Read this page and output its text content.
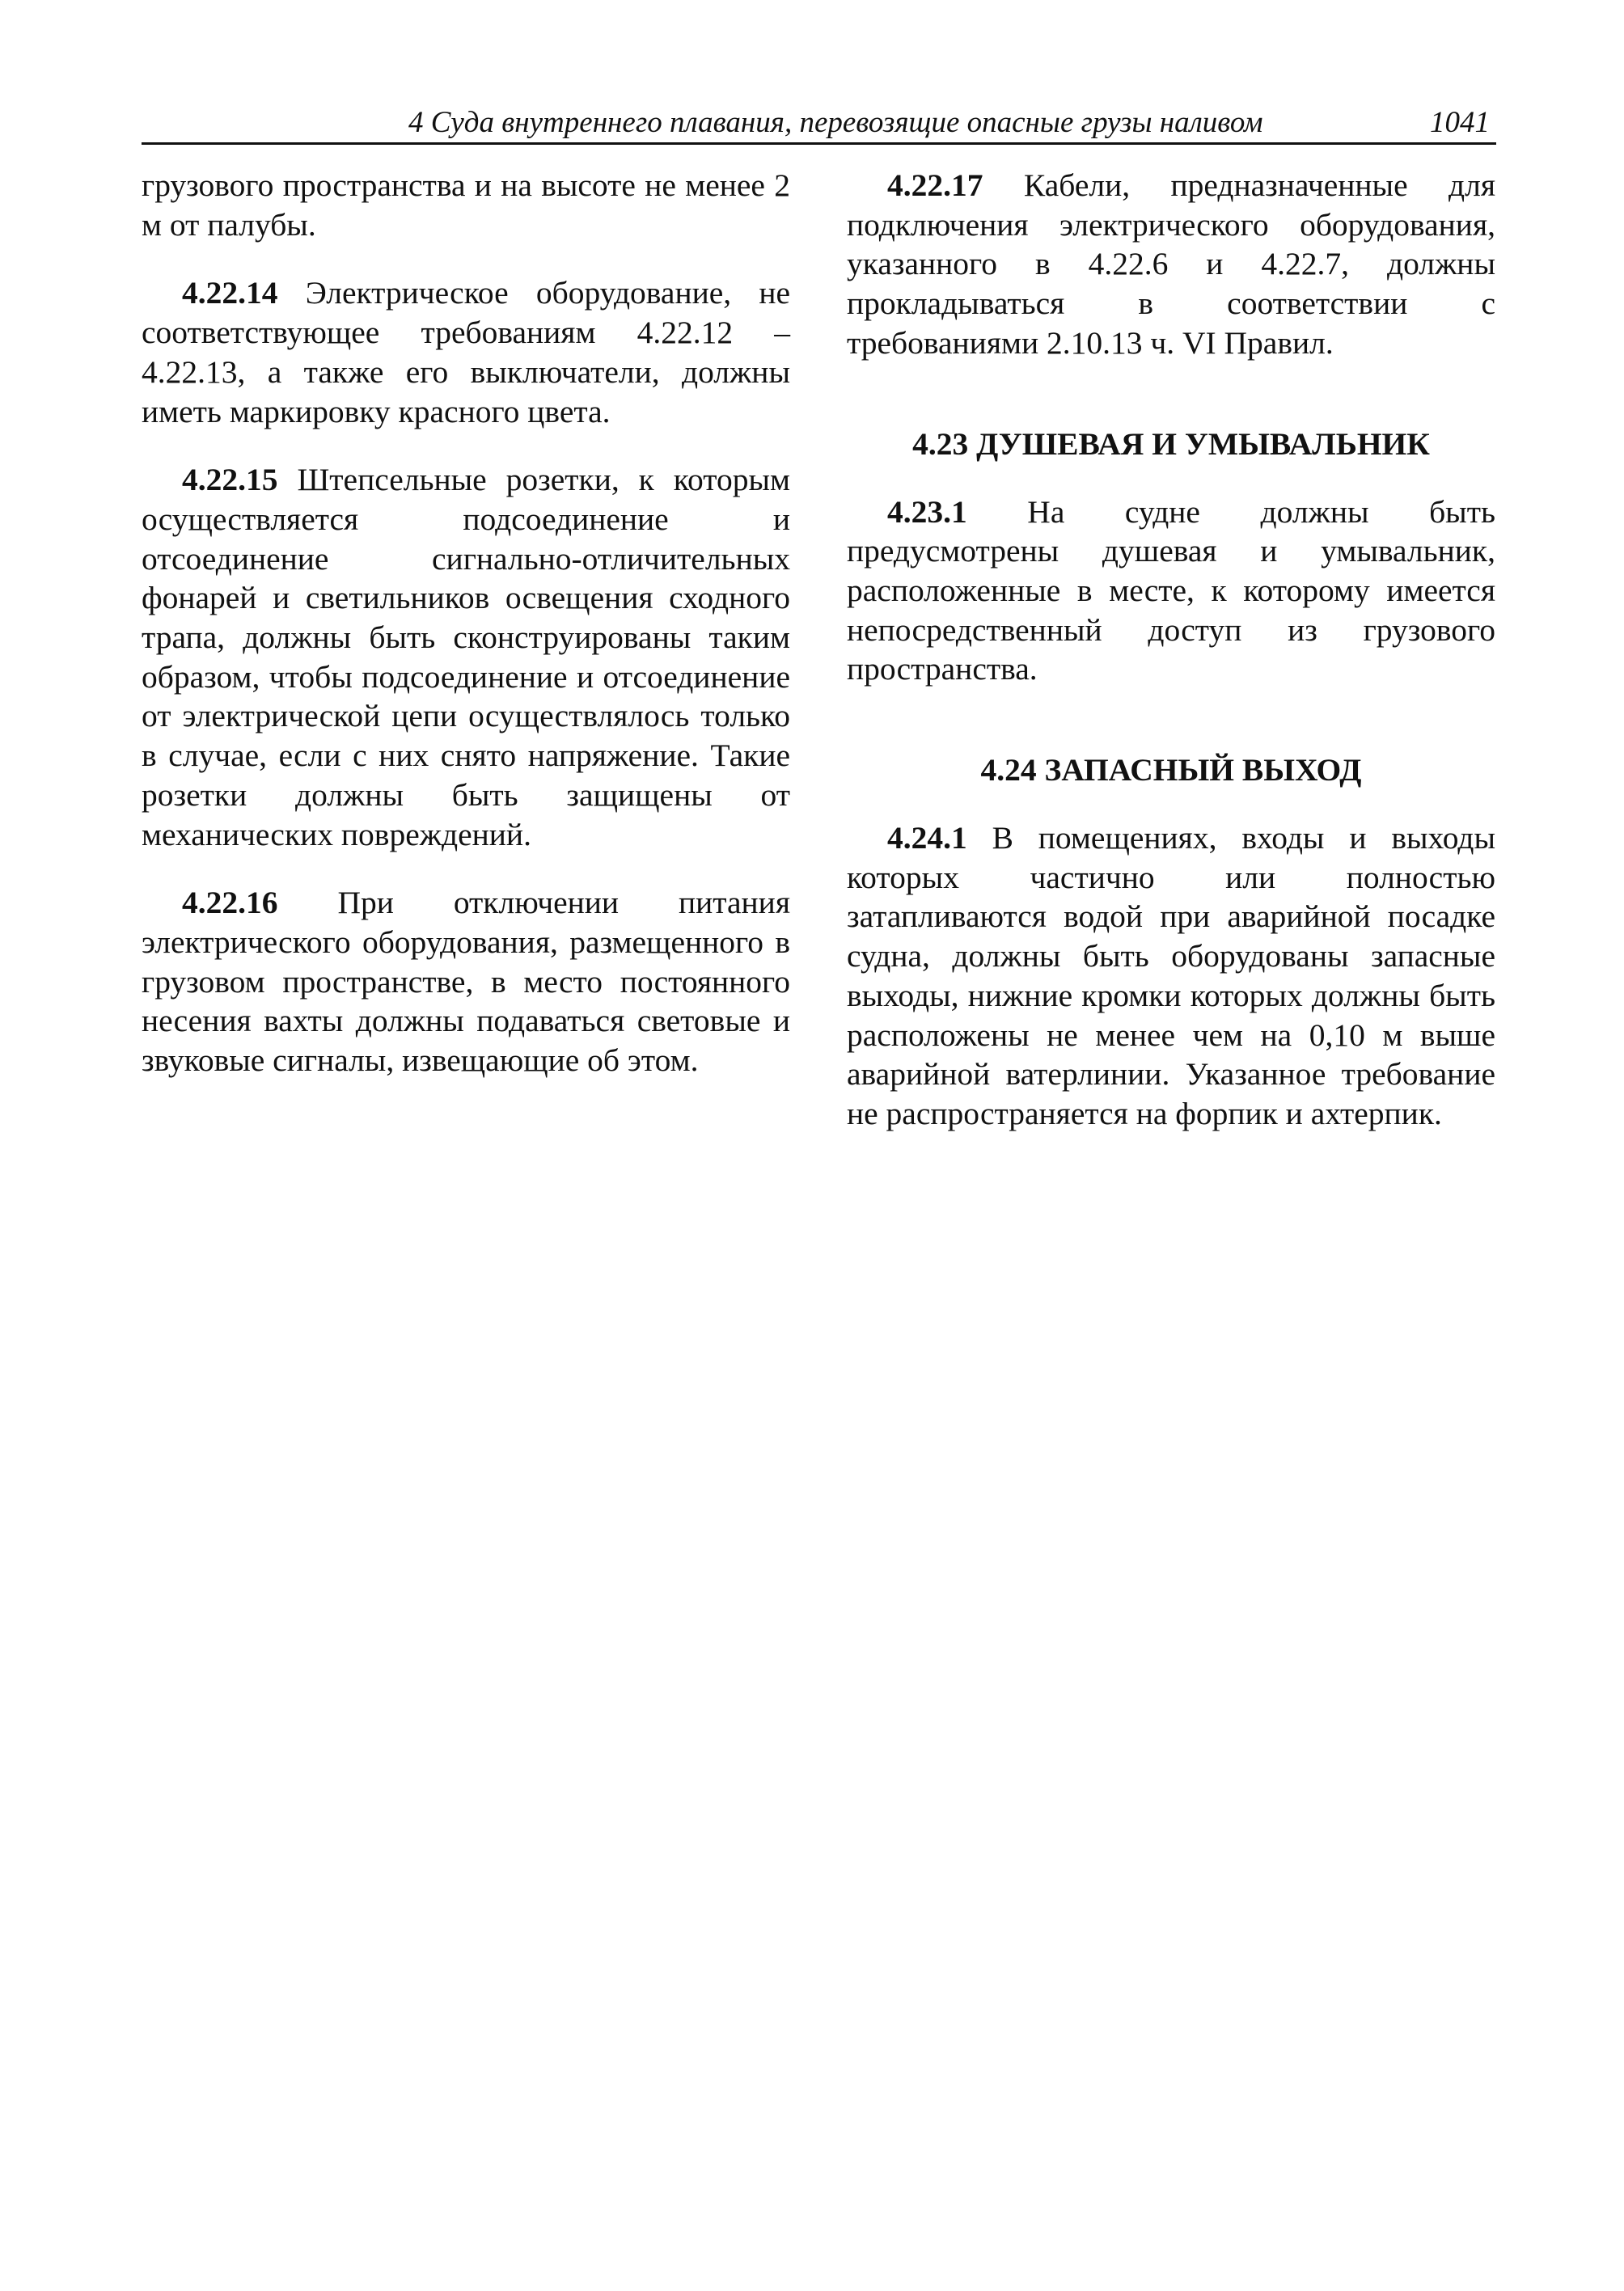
4 Суда внутреннего плавания, перевозящие опасные грузы наливом	1041

грузового пространства и на высоте не менее 2 м от палубы.

4.22.14 Электрическое оборудование, не соответствующее требованиям 4.22.12 – 4.22.13, а также его выключатели, должны иметь маркировку красного цвета.

4.22.15 Штепсельные розетки, к которым осуществляется подсоединение и отсоединение сигнально-отличительных фонарей и светильников освещения сходного трапа, должны быть сконструированы таким образом, чтобы подсоединение и отсоединение от электрической цепи осуществлялось только в случае, если с них снято напряжение. Такие розетки должны быть защищены от механических повреждений.

4.22.16 При отключении питания электрического оборудования, размещенного в грузовом пространстве, в место постоянного несения вахты должны подаваться световые и звуковые сигналы, извещающие об этом.

4.22.17 Кабели, предназначенные для подключения электрического оборудования, указанного в 4.22.6 и 4.22.7, должны прокладываться в соответствии с требованиями 2.10.13 ч. VI Правил.

4.23 ДУШЕВАЯ И УМЫВАЛЬНИК

4.23.1 На судне должны быть предусмотрены душевая и умывальник, расположенные в месте, к которому имеется непосредственный доступ из грузового пространства.

4.24 ЗАПАСНЫЙ ВЫХОД

4.24.1 В помещениях, входы и выходы которых частично или полностью затапливаются водой при аварийной посадке судна, должны быть оборудованы запасные выходы, нижние кромки которых должны быть расположены не менее чем на 0,10 м выше аварийной ватерлинии. Указанное требование не распространяется на форпик и ахтерпик.
